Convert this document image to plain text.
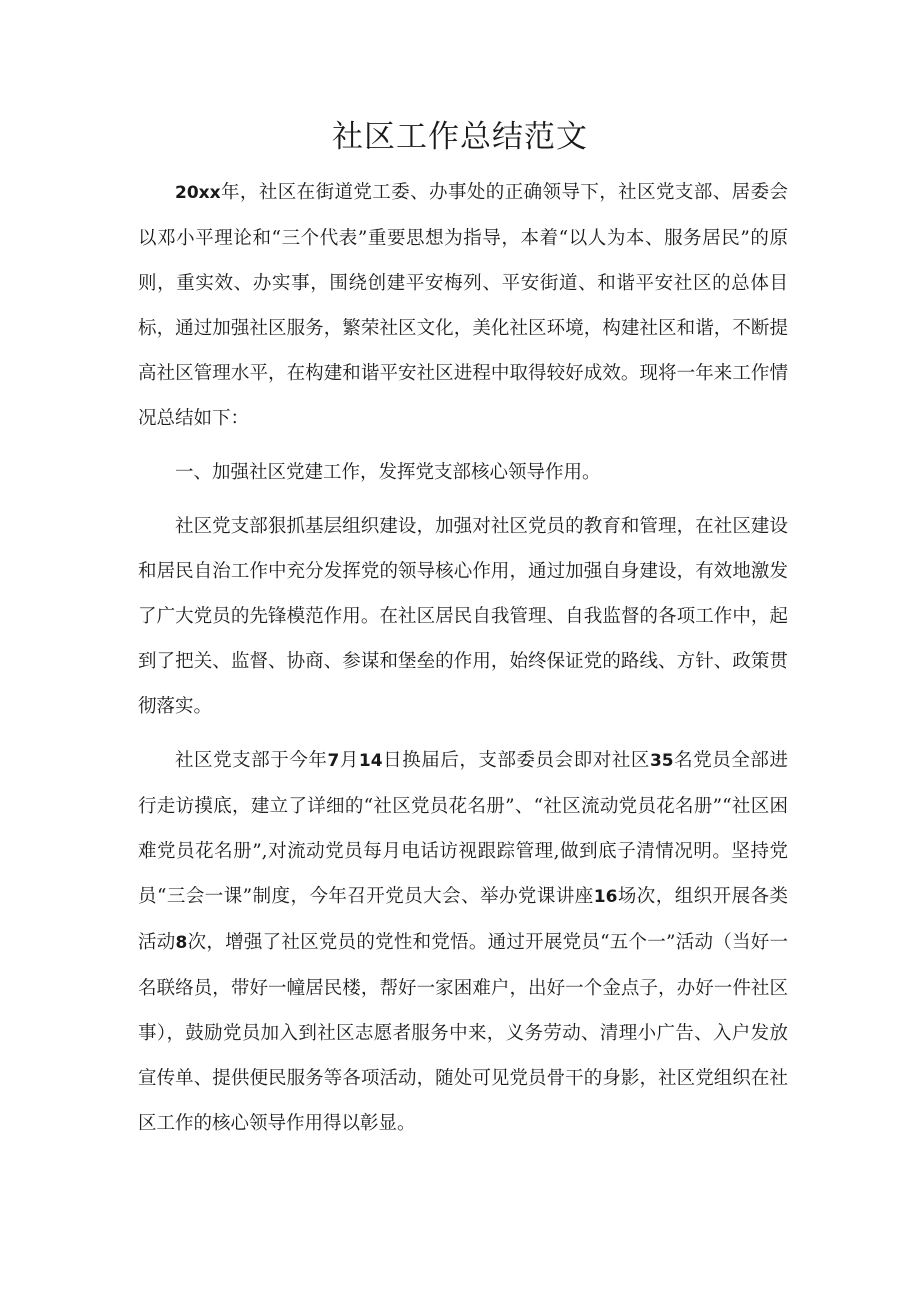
社区工作总结范文

20xx年，社区在街道党工委、办事处的正确领导下，社区党支部、居委会以邓小平理论和“三个代表”重要思想为指导，本着“以人为本、服务居民”的原则，重实效、办实事，围绕创建平安梅列、平安街道、和谐平安社区的总体目标，通过加强社区服务，繁荣社区文化，美化社区环境，构建社区和谐，不断提高社区管理水平，在构建和谐平安社区进程中取得较好成效。现将一年来工作情况总结如下：

一、加强社区党建工作，发挥党支部核心领导作用。

社区党支部狠抓基层组织建设，加强对社区党员的教育和管理，在社区建设和居民自治工作中充分发挥党的领导核心作用，通过加强自身建设，有效地激发了广大党员的先锋模范作用。在社区居民自我管理、自我监督的各项工作中，起到了把关、监督、协商、参谋和堡垒的作用，始终保证党的路线、方针、政策贯彻落实。

社区党支部于今年7月14日换届后，支部委员会即对社区35名党员全部进行走访摸底，建立了详细的“社区党员花名册”、“社区流动党员花名册”“社区困难党员花名册”,对流动党员每月电话访视跟踪管理,做到底子清情况明。坚持党员“三会一课”制度，今年召开党员大会、举办党课讲座16场次，组织开展各类活动8次，增强了社区党员的党性和党悟。通过开展党员“五个一”活动（当好一名联络员，带好一幢居民楼，帮好一家困难户，出好一个金点子，办好一件社区事），鼓励党员加入到社区志愿者服务中来，义务劳动、清理小广告、入户发放宣传单、提供便民服务等各项活动，随处可见党员骨干的身影，社区党组织在社区工作的核心领导作用得以彰显。
